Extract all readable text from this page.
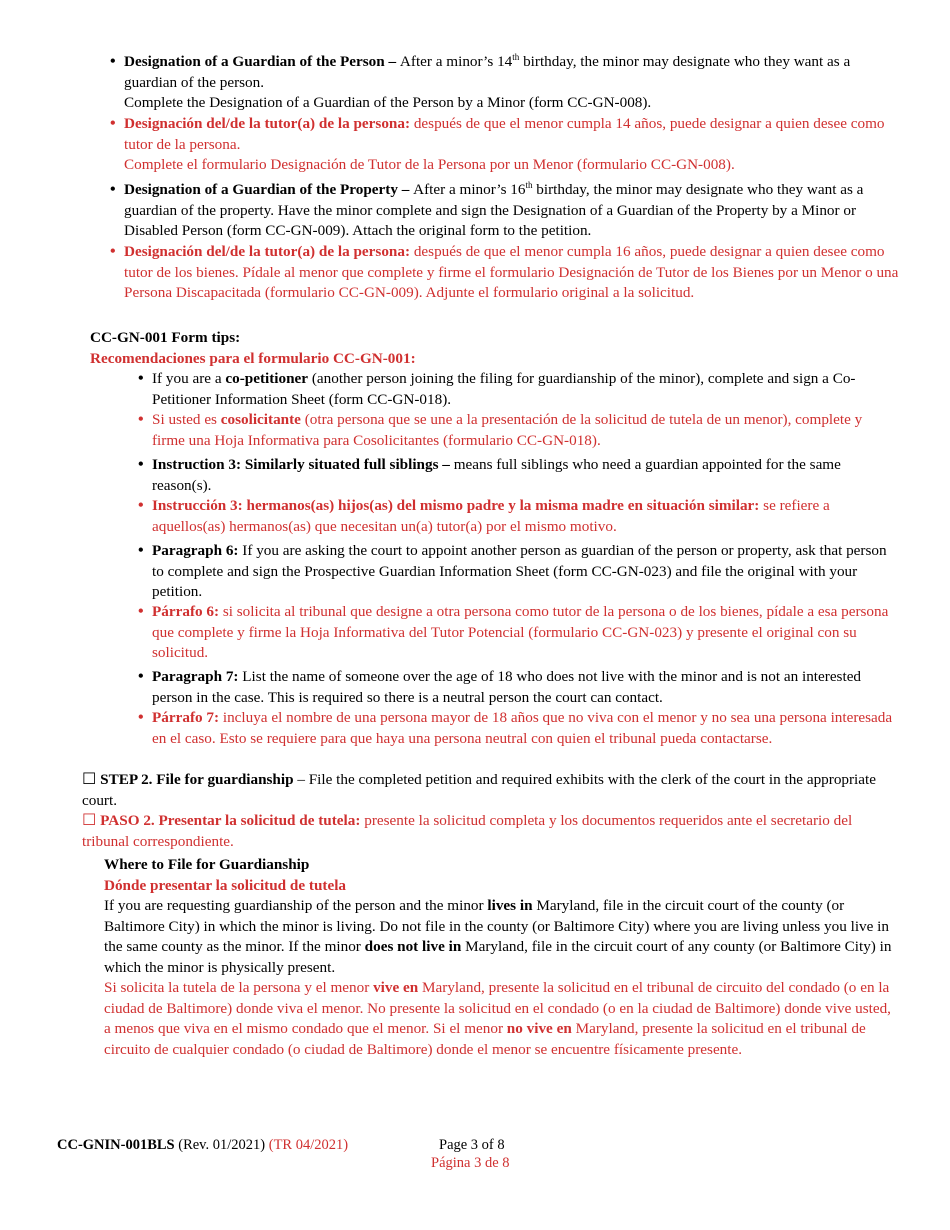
• Designation of a Guardian of the Person – After a minor’s 14th birthday, the minor may designate who they want as a guardian of the person.
Complete the Designation of a Guardian of the Person by a Minor (form CC-GN-008).
• Designación del/de la tutor(a) de la persona: después de que el menor cumpla 14 años, puede designar a quien desee como tutor de la persona.
Complete el formulario Designación de Tutor de la Persona por un Menor (formulario CC-GN-008).
• Designation of a Guardian of the Property – After a minor’s 16th birthday, the minor may designate who they want as a guardian of the property. Have the minor complete and sign the Designation of a Guardian of the Property by a Minor or Disabled Person (form CC-GN-009). Attach the original form to the petition.
• Designación del/de la tutor(a) de la persona: después de que el menor cumpla 16 años, puede designar a quien desee como tutor de los bienes. Pídale al menor que complete y firme el formulario Designación de Tutor de los Bienes por un Menor o una Persona Discapacitada (formulario CC-GN-009). Adjunte el formulario original a la solicitud.
CC-GN-001 Form tips:
Recomendaciones para el formulario CC-GN-001:
• If you are a co-petitioner (another person joining the filing for guardianship of the minor), complete and sign a Co-Petitioner Information Sheet (form CC-GN-018).
• Si usted es cosolicitante (otra persona que se une a la presentación de la solicitud de tutela de un menor), complete y firme una Hoja Informativa para Cosolicitantes (formulario CC-GN-018).
• Instruction 3: Similarly situated full siblings – means full siblings who need a guardian appointed for the same reason(s).
• Instrucción 3: hermanos(as) hijos(as) del mismo padre y la misma madre en situación similar: se refiere a aquellos(as) hermanos(as) que necesitan un(a) tutor(a) por el mismo motivo.
• Paragraph 6: If you are asking the court to appoint another person as guardian of the person or property, ask that person to complete and sign the Prospective Guardian Information Sheet (form CC-GN-023) and file the original with your petition.
• Párrafo 6: si solicita al tribunal que designe a otra persona como tutor de la persona o de los bienes, pídale a esa persona que complete y firme la Hoja Informativa del Tutor Potencial (formulario CC-GN-023) y presente el original con su solicitud.
• Paragraph 7: List the name of someone over the age of 18 who does not live with the minor and is not an interested person in the case. This is required so there is a neutral person the court can contact.
• Párrafo 7: incluya el nombre de una persona mayor de 18 años que no viva con el menor y no sea una persona interesada en el caso. Esto se requiere para que haya una persona neutral con quien el tribunal pueda contactarse.
☐ STEP 2. File for guardianship – File the completed petition and required exhibits with the clerk of the court in the appropriate court.
☐ PASO 2. Presentar la solicitud de tutela: presente la solicitud completa y los documentos requeridos ante el secretario del tribunal correspondiente.
Where to File for Guardianship
Dónde presentar la solicitud de tutela
If you are requesting guardianship of the person and the minor lives in Maryland, file in the circuit court of the county (or Baltimore City) in which the minor is living. Do not file in the county (or Baltimore City) where you are living unless you live in the same county as the minor. If the minor does not live in Maryland, file in the circuit court of any county (or Baltimore City) in which the minor is physically present.
Si solicita la tutela de la persona y el menor vive en Maryland, presente la solicitud en el tribunal de circuito del condado (o en la ciudad de Baltimore) donde viva el menor. No presente la solicitud en el condado (o en la ciudad de Baltimore) donde vive usted, a menos que viva en el mismo condado que el menor. Si el menor no vive en Maryland, presente la solicitud en el tribunal de circuito de cualquier condado (o ciudad de Baltimore) donde el menor se encuentre físicamente presente.
CC-GNIN-001BLS (Rev. 01/2021) (TR 04/2021)	Page 3 of 8
Página 3 de 8
